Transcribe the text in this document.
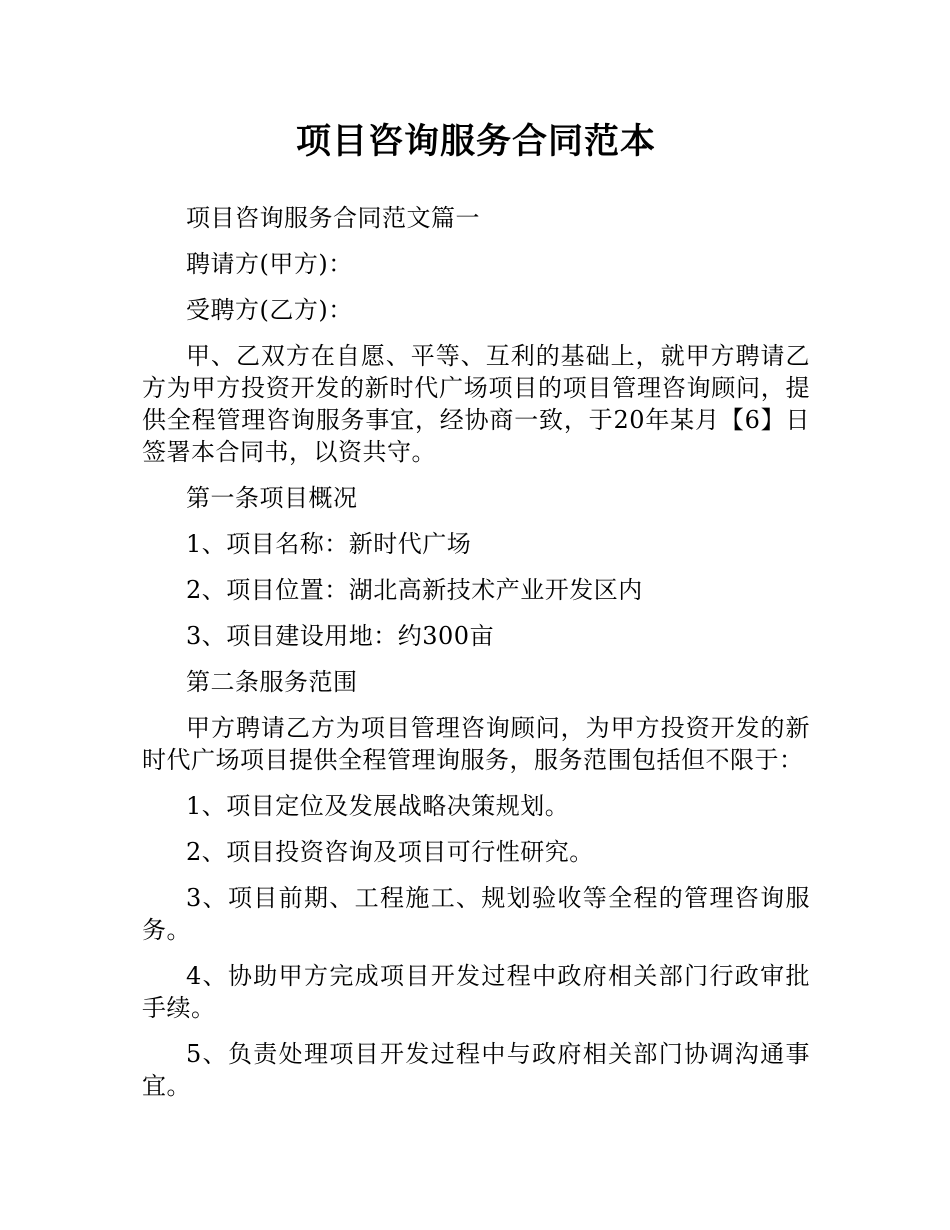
项目咨询服务合同范本

项目咨询服务合同范文篇一

聘请方(甲方)：

受聘方(乙方)：

甲、乙双方在自愿、平等、互利的基础上，就甲方聘请乙方为甲方投资开发的新时代广场项目的项目管理咨询顾问，提供全程管理咨询服务事宜，经协商一致，于20年某月【6】日签署本合同书，以资共守。

第一条项目概况

1、项目名称：新时代广场

2、项目位置：湖北高新技术产业开发区内

3、项目建设用地：约300亩

第二条服务范围

甲方聘请乙方为项目管理咨询顾问，为甲方投资开发的新时代广场项目提供全程管理询服务，服务范围包括但不限于：

1、项目定位及发展战略决策规划。

2、项目投资咨询及项目可行性研究。

3、项目前期、工程施工、规划验收等全程的管理咨询服务。

4、协助甲方完成项目开发过程中政府相关部门行政审批手续。

5、负责处理项目开发过程中与政府相关部门协调沟通事宜。
